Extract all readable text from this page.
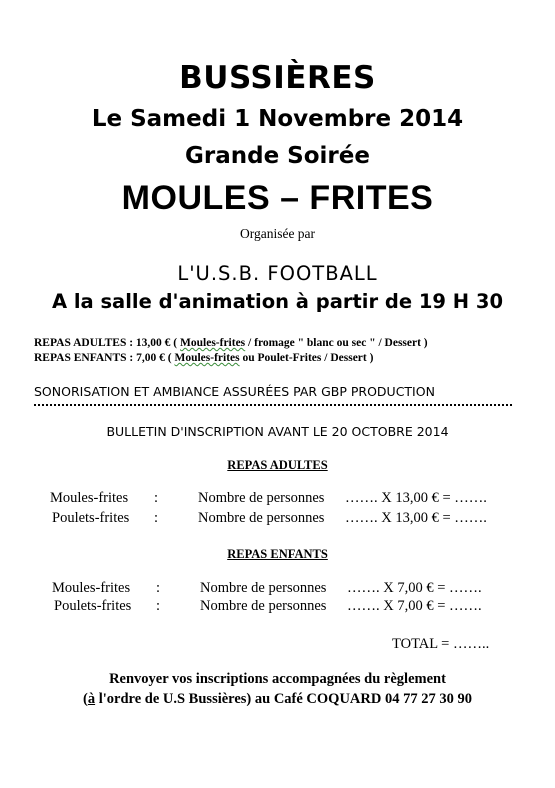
BUSSIÈRES
Le Samedi 1 Novembre 2014
Grande Soirée
MOULES – FRITES
Organisée par
L'U.S.B. FOOTBALL
A la salle d'animation à partir de 19 H 30
REPAS ADULTES : 13,00 € ( Moules-frites / fromage " blanc ou sec " / Dessert )
REPAS ENFANTS : 7,00 € ( Moules-frites ou Poulet-Frites / Dessert )
SONORISATION ET AMBIANCE ASSURÉES PAR GBP PRODUCTION
BULLETIN D'INSCRIPTION AVANT LE 20 OCTOBRE 2014
REPAS ADULTES
Moules-frites :	Nombre de personnes ……. X 13,00 € = …….
Poulets-frites :	Nombre de personnes ……. X 13,00 € = …….
REPAS ENFANTS
Moules-frites :	Nombre de personnes ……. X 7,00 € = …….
Poulets-frites :	Nombre de personnes ……. X 7,00 € = …….
TOTAL = ……..
Renvoyer vos inscriptions accompagnées du règlement
(à l'ordre de U.S Bussières) au Café COQUARD 04 77 27 30 90
